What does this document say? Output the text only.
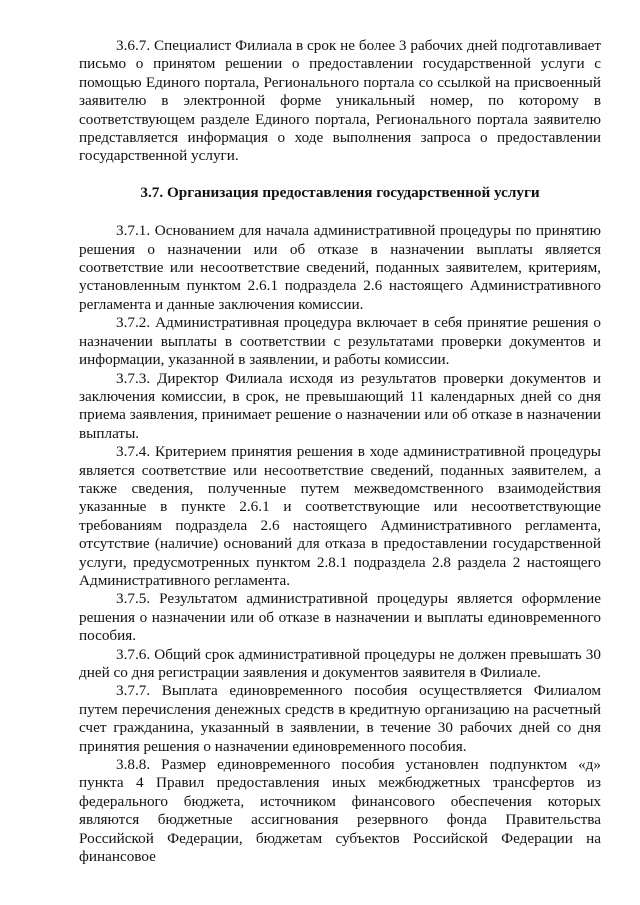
3.6.7. Специалист Филиала в срок не более 3 рабочих дней подготавливает письмо о принятом решении о предоставлении государственной услуги с помощью Единого портала, Регионального портала со ссылкой на присвоенный заявителю в электронной форме уникальный номер, по которому в соответствующем разделе Единого портала, Регионального портала заявителю представляется информация о ходе выполнения запроса о предоставлении государственной услуги.

3.7. Организация предоставления государственной услуги

3.7.1. Основанием для начала административной процедуры по принятию решения о назначении или об отказе в назначении выплаты является соответствие или несоответствие сведений, поданных заявителем, критериям, установленным пунктом 2.6.1 подраздела 2.6 настоящего Административного регламента и данные заключения комиссии.

3.7.2. Административная процедура включает в себя принятие решения о назначении выплаты в соответствии с результатами проверки документов и информации, указанной в заявлении, и работы комиссии.

3.7.3. Директор Филиала исходя из результатов проверки документов и заключения комиссии, в срок, не превышающий 11 календарных дней со дня приема заявления, принимает решение о назначении или об отказе в назначении выплаты.

3.7.4. Критерием принятия решения в ходе административной процедуры является соответствие или несоответствие сведений, поданных заявителем, а также сведения, полученные путем межведомственного взаимодействия указанные в пункте 2.6.1 и соответствующие или несоответствующие требованиям подраздела 2.6 настоящего Административного регламента, отсутствие (наличие) оснований для отказа в предоставлении государственной услуги, предусмотренных пунктом 2.8.1 подраздела 2.8 раздела 2 настоящего Административного регламента.

3.7.5. Результатом административной процедуры является оформление решения о назначении или об отказе в назначении и выплаты единовременного пособия.

3.7.6. Общий срок административной процедуры не должен превышать 30 дней со дня регистрации заявления и документов заявителя в Филиале.

3.7.7. Выплата единовременного пособия осуществляется Филиалом путем перечисления денежных средств в кредитную организацию на расчетный счет гражданина, указанный в заявлении, в течение 30 рабочих дней со дня принятия решения о назначении единовременного пособия.

3.8.8. Размер единовременного пособия установлен подпунктом «д» пункта 4 Правил предоставления иных межбюджетных трансфертов из федерального бюджета, источником финансового обеспечения которых являются бюджетные ассигнования резервного фонда Правительства Российской Федерации, бюджетам субъектов Российской Федерации на финансовое
